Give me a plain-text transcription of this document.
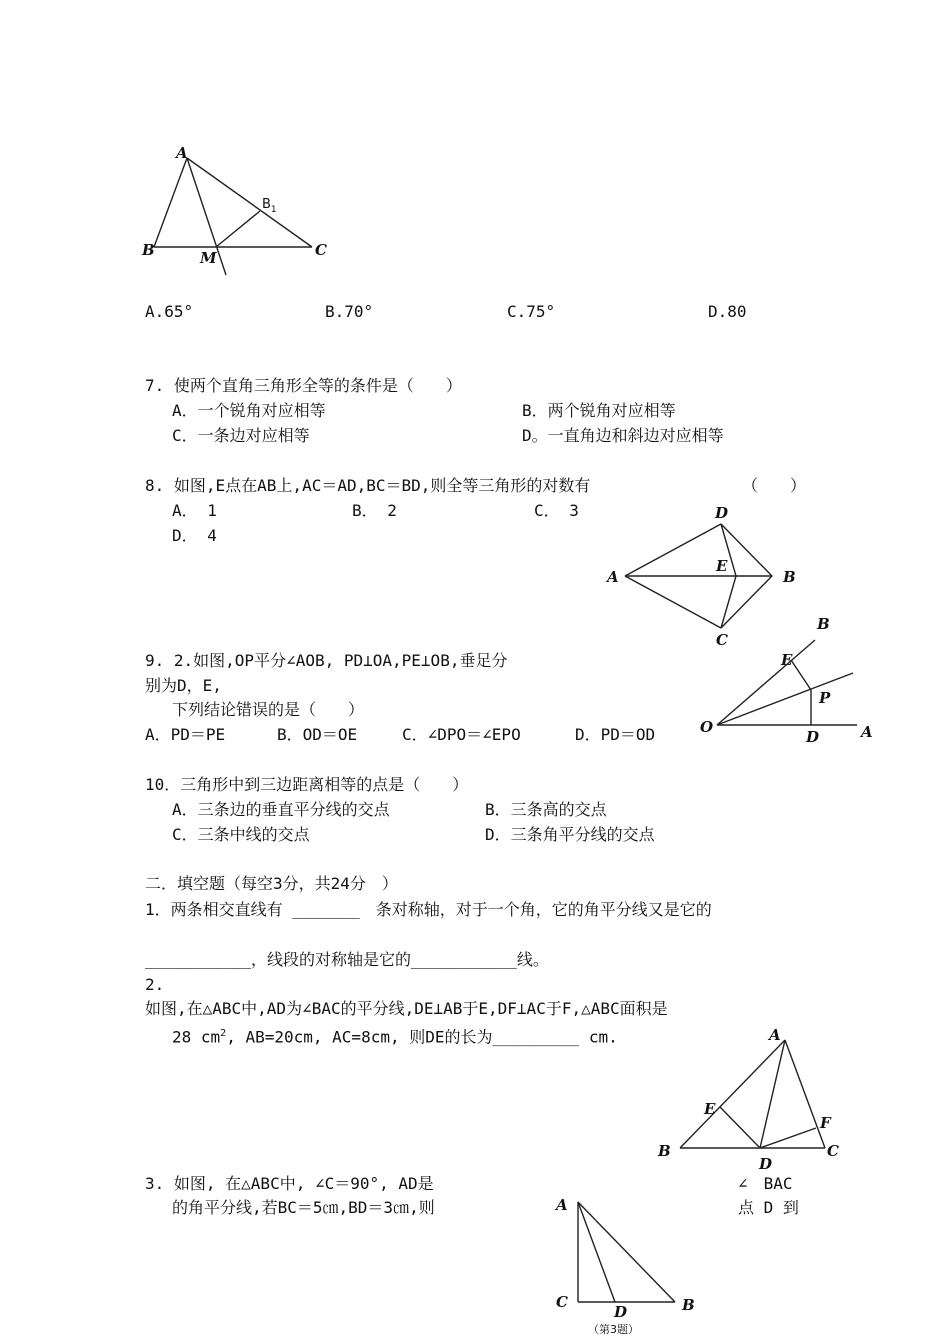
A
B	C
M
$B_1$
A.65°	B.70°	C.75°	D.80
7. 使两个直角三角形全等的条件是（　　）
A．一个锐角对应相等	B．两个锐角对应相等
C．一条边对应相等	D。一直角边和斜边对应相等
8. 如图,E点在AB上,AC＝AD,BC＝BD,则全等三角形的对数有	（　　）
A． 1	B． 2	C． 3
D． 4
D
A
E
B
C
9. 2.如图,OP平分∠AOB, PD⊥OA,PE⊥OB,垂足分
别为D，E,
下列结论错误的是（　　）
A．PD＝PE	B．OD＝OE	C．∠DPO＝∠EPO	D．PD＝OD
B
E
P
O
D	A
10．三角形中到三边距离相等的点是（　　）
A．三条边的垂直平分线的交点	B．三条高的交点
C．三条中线的交点	D．三条角平分线的交点
二．填空题（每空3分，共24分　）
1．两条相交直线有 _______　条对称轴，对于一个角，它的角平分线又是它的
___________，线段的对称轴是它的___________线。
2.
如图,在△ABC中,AD为∠BAC的平分线,DE⊥AB于E,DF⊥AC于F,△ABC面积是
28 $cm^2$, AB=20cm, AC=8cm, 则DE的长为_________ cm.	A
E
F
B	C
D
3. 如图, 在△ABC中, ∠C＝90°, AD是
的角平分线,若BC＝5㎝,BD＝3㎝,则
∠　BAC
点 D 到
A
C
D	B
（第3题）
